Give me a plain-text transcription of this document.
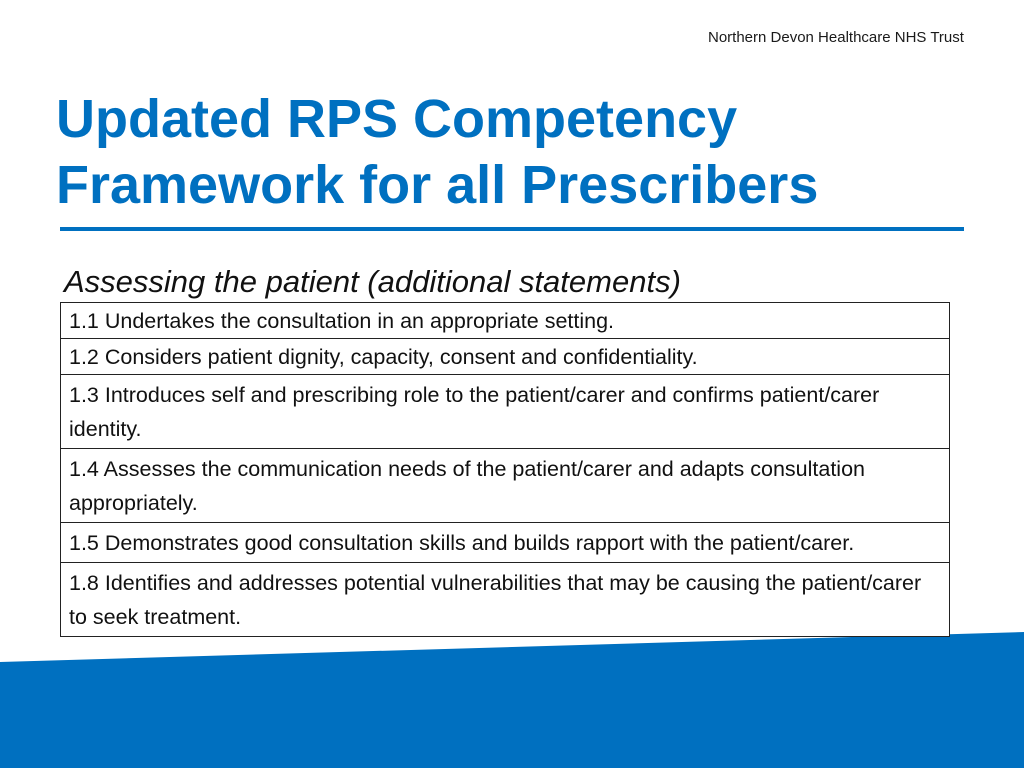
Northern Devon Healthcare NHS Trust
Updated RPS Competency Framework for all Prescribers
Assessing the patient (additional statements)
1.1 Undertakes the consultation in an appropriate setting.
1.2 Considers patient dignity, capacity, consent and confidentiality.
1.3 Introduces self and prescribing role to the patient/carer and confirms patient/carer identity.
1.4 Assesses the communication needs of the patient/carer and adapts consultation appropriately.
1.5 Demonstrates good consultation skills and builds rapport with the patient/carer.
1.8 Identifies and addresses potential vulnerabilities that may be causing the patient/carer to seek treatment.
